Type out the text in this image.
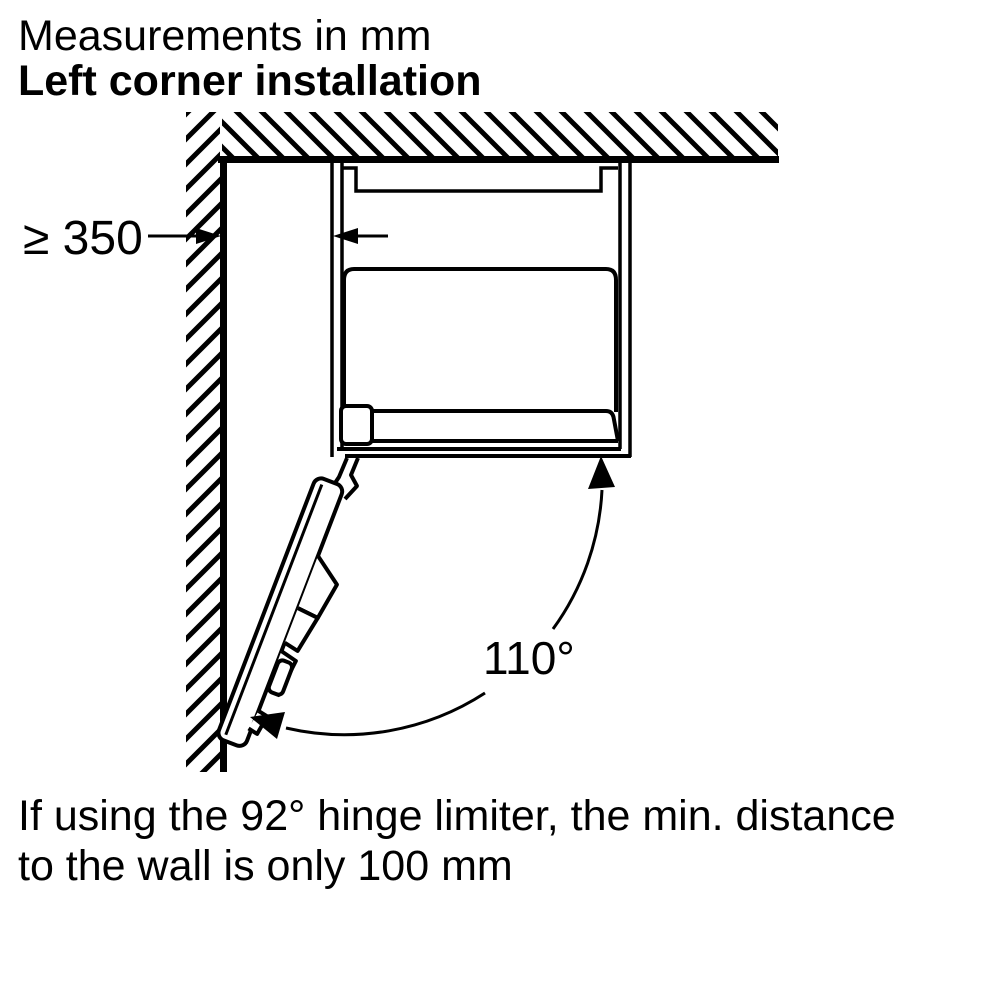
Measurements in mm
Left corner installation
≥ 350
110°
If using the 92° hinge limiter, the min. distance
to the wall is only 100 mm
